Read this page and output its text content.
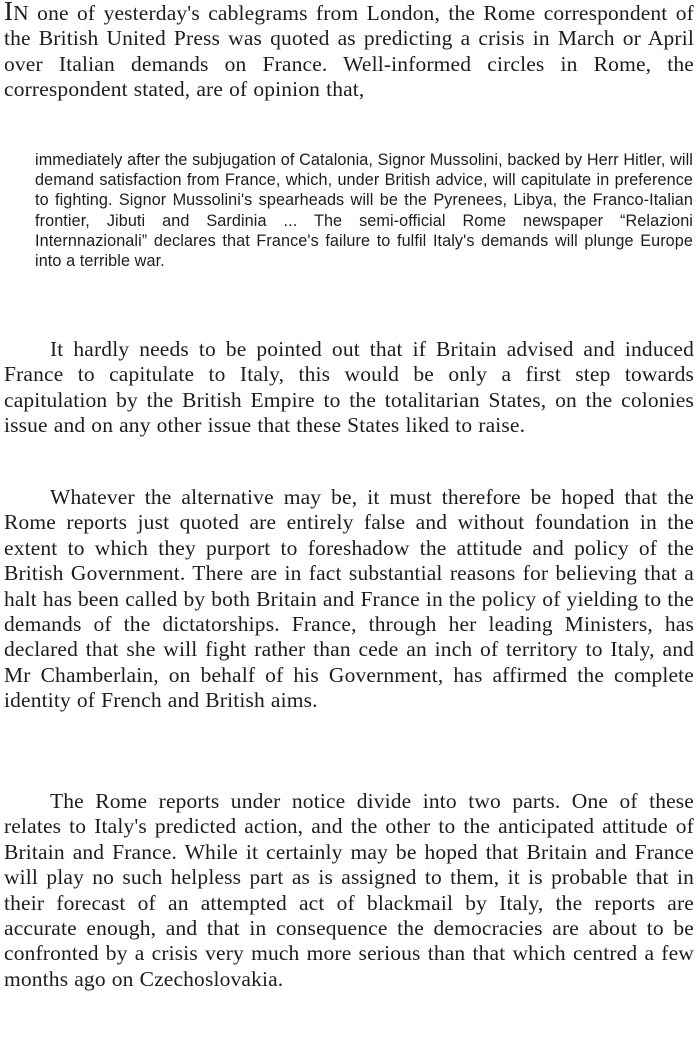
IN one of yesterday's cablegrams from London, the Rome correspondent of the British United Press was quoted as predicting a crisis in March or April over Italian demands on France. Well-informed circles in Rome, the correspondent stated, are of opinion that,

immediately after the subjugation of Catalonia, Signor Mussolini, backed by Herr Hitler, will demand satisfaction from France, which, under British advice, will capitulate in preference to fighting. Signor Mussolini's spearheads will be the Pyrenees, Libya, the Franco-Italian frontier, Jibuti and Sardinia ... The semi-official Rome newspaper “Relazioni Internnazionali” declares that France's failure to fulfil Italy's demands will plunge Europe into a terrible war.

It hardly needs to be pointed out that if Britain advised and induced France to capitulate to Italy, this would be only a first step towards capitulation by the British Empire to the totalitarian States, on the colonies issue and on any other issue that these States liked to raise.

Whatever the alternative may be, it must therefore be hoped that the Rome reports just quoted are entirely false and without foundation in the extent to which they purport to foreshadow the attitude and policy of the British Government. There are in fact substantial reasons for believing that a halt has been called by both Britain and France in the policy of yielding to the demands of the dictatorships. France, through her leading Ministers, has declared that she will fight rather than cede an inch of territory to Italy, and Mr Chamberlain, on behalf of his Government, has affirmed the complete identity of French and British aims.

The Rome reports under notice divide into two parts. One of these relates to Italy's predicted action, and the other to the anticipated attitude of Britain and France. While it certainly may be hoped that Britain and France will play no such helpless part as is assigned to them, it is probable that in their forecast of an attempted act of blackmail by Italy, the reports are accurate enough, and that in consequence the democracies are about to be confronted by a crisis very much more serious than that which centred a few months ago on Czechoslovakia.
